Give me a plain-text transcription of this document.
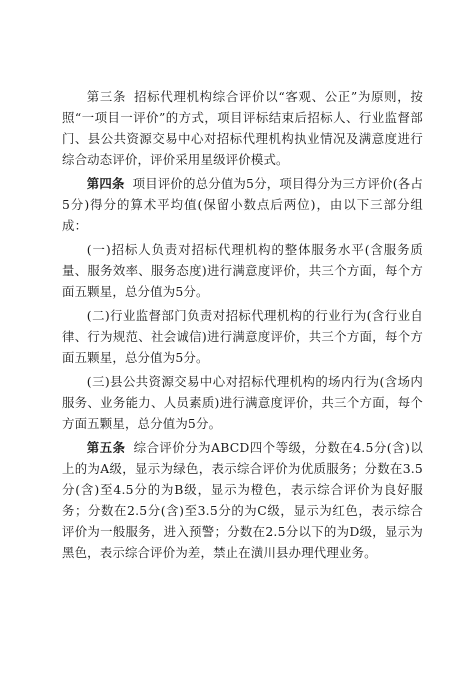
第三条 招标代理机构综合评价以“客观、公正”为原则，按照“一项目一评价”的方式，项目评标结束后招标人、行业监督部门、县公共资源交易中心对招标代理机构执业情况及满意度进行综合动态评价，评价采用星级评价模式。

第四条 项目评价的总分值为5分，项目得分为三方评价(各占5分)得分的算术平均值(保留小数点后两位)，由以下三部分组成：

(一)招标人负责对招标代理机构的整体服务水平(含服务质量、服务效率、服务态度)进行满意度评价，共三个方面，每个方面五颗星，总分值为5分。

(二)行业监督部门负责对招标代理机构的行业行为(含行业自律、行为规范、社会诚信)进行满意度评价，共三个方面，每个方面五颗星，总分值为5分。

(三)县公共资源交易中心对招标代理机构的场内行为(含场内服务、业务能力、人员素质)进行满意度评价，共三个方面，每个方面五颗星，总分值为5分。

第五条 综合评价分为ABCD四个等级，分数在4.5分(含)以上的为A级，显示为绿色，表示综合评价为优质服务；分数在3.5分(含)至4.5分的为B级，显示为橙色，表示综合评价为良好服务；分数在2.5分(含)至3.5分的为C级，显示为红色，表示综合评价为一般服务，进入预警；分数在2.5分以下的为D级，显示为黑色，表示综合评价为差，禁止在潢川县办理代理业务。
